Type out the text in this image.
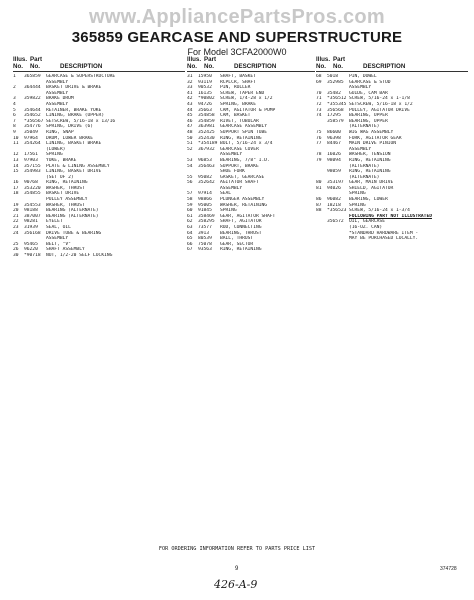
www.AppliancePartsPros.com
365859 GEARCASE AND SUPERSTRUCTURE
For Model 3CFA2000W0
Illus. Part
No. No.	DESCRIPTION
1	365859	GEARCASE & SUPERSTRUCTURE
ASSEMBLY
2	364444	BASKET DRIVE & BRAKE
ASSEMBLY
3	359822	BRAKE DRUM
4	ASSEMBLY
5	354644	RETAINER, BRAKE YOKE
6	354652	LINING, BRAKE (UPPER)
7	*356567 SETSCREW, 5/16-18 x 13/16
8	354776	SPRING, DRIVE (6)
9	35049	RING, SNAP
10	97964	DRUM, LOWER BRAKE
11	354264	LINING, BASKET BRAKE
(LOWER)
12	17561	SPRING
13	97903	YOKE, BRAKE
14	357155	PLATE & LINING ASSEMBLY
15	354983	LINING, BASKET DRIVE
(SET OF 2)
16	90768	RING, RETAINING
17	353220	WASHER, THRUST
18	354855	BASKET DRIVE
PULLEY ASSEMBLY
19	354553	WASHER, THRUST
20	98188	BEARING (ALTERNATE)
21	387007	BEARING (ALTERNATE)
22	98281	EYELET
23	31939	SEAL, OIL
24	356168	DRIVE TUBE & BEARING
ASSEMBLY
25	95465	BELT, "V"
26	96220	SHAFT ASSEMBLY
30	*90718	NUT, 1/2-20 SELF LOCKING
Illus. Part
No. No.	DESCRIPTION
31	15950	SHAFT, BASKET
32	93119	RCPLCR, SHAFT
33	90532	PIN, ROLLER
41	16135	SCREW, TAPER END
42	*90802	SCREW, 1/4-28 x 1/2
43	94726	SPRING, BRAKE
44	35663	CAM, AGITATOR & PUMP
45	354858	CAM, BASKET
46	354859	RIVET, TUBULAR
47	363981	GEARCASE ASSEMBLY
48	352425	SUPPORT SPIN TUBE
50	352430	RING, RETAINING
51	*354189 BOLT, 5/16-24 x 3/4
52	367932	GEARCASE COVER
ASSEMBLY
53	96853	BEARING, 7/8" I.D.
54	356463	SUPPORT, BRAKE
SHOE FORK
55	95082	GASKET, GEARCASE
56	352642	AGITATOR SHAFT
ASSEMBLY
57	97914	SEAL
58	98866	PLUNGER ASSEMBLY
59	95005	WASHER, RETAINING
60	91845	SPRING
61	358469	GEAR, AGITATOR SHAFT
62	358295	SHAFT, AGITATOR
63	73577	ROD, CONNECTING
64	3913	BEARING, THRUST
65	80539	BALL, THRUST
66	75078	GEAR, SECTOR
67	93563	RING, RETAINING
Illus. Part
No. No.	DESCRIPTION
68	5018	PIN, DOWEL
69	352985	GEARCASE & STUD
ASSEMBLY
70	35482	GUIDE, CAM BAR
71	*356512 SCREW, 5/16-24 x 1-1/8
72	*355345 SETSCREW, 5/16-18 x 1/2
73	356568	PULLEY, AGITATOR DRIVE
74	17295	BEARING, UPPER
358579	BEARING, UPPER
(ALTERNATE)
75	86600	WIG WAG ASSEMBLY
76	96398	FORK, AGITATOR GEAR
77	84467	MAIN DRIVE PINION
ASSEMBLY
78	16026	WASHER, TENSION
79	98094	RING, RETAINING
(ALTERNATE)
98059	RING, RETAINING
(ALTERNATE)
80	353197	GEAR, MAIN DRIVE
81	94026	SHIELD, AGITATOR
SPRING
86	96082	BEARING, LOWER
87	18218	SPRING
88	*356523 SCREW, 5/16-24 x 1-3/4
FOLLOWING PART NOT ILLUSTRATED
356572	OIL, GEARCASE
(16-OZ. CAN)
*STANDARD HARDWARE ITEM -
MAY BE PURCHASED LOCALLY.
FOR ORDERING INFORMATION REFER TO PARTS PRICE LIST
9	374728
426-A-9
